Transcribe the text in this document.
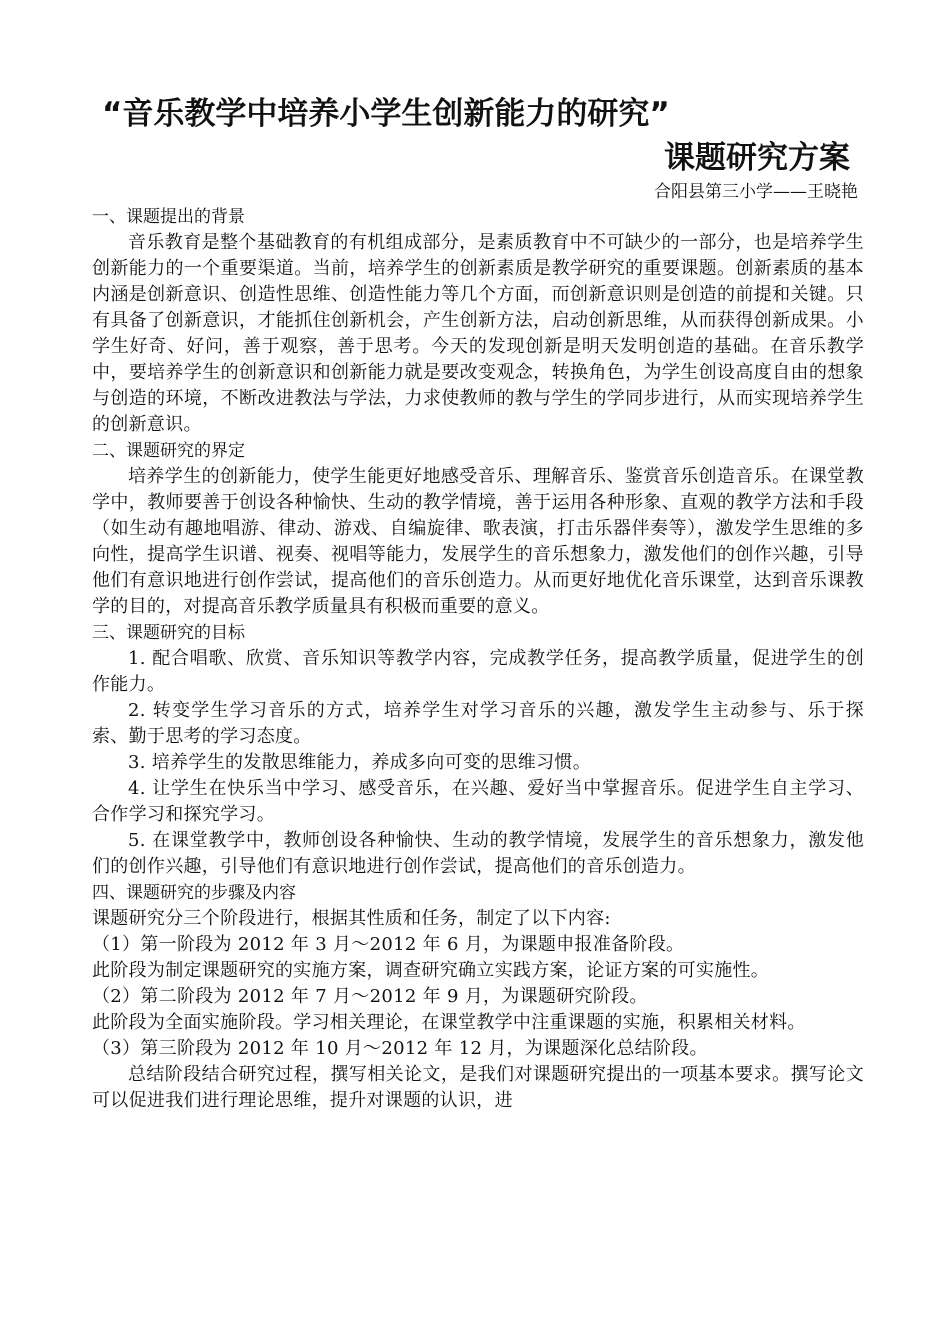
“音乐教学中培养小学生创新能力的研究”
课题研究方案

合阳县第三小学——王晓艳

一、课题提出的背景

音乐教育是整个基础教育的有机组成部分，是素质教育中不可缺少的一部分，也是培养学生创新能力的一个重要渠道。当前，培养学生的创新素质是教学研究的重要课题。创新素质的基本内涵是创新意识、创造性思维、创造性能力等几个方面，而创新意识则是创造的前提和关键。只有具备了创新意识，才能抓住创新机会，产生创新方法，启动创新思维，从而获得创新成果。小学生好奇、好问，善于观察，善于思考。今天的发现创新是明天发明创造的基础。在音乐教学中，要培养学生的创新意识和创新能力就是要改变观念，转换角色，为学生创设高度自由的想象与创造的环境，不断改进教法与学法，力求使教师的教与学生的学同步进行，从而实现培养学生的创新意识。

二、课题研究的界定

培养学生的创新能力，使学生能更好地感受音乐、理解音乐、鉴赏音乐创造音乐。在课堂教学中，教师要善于创设各种愉快、生动的教学情境，善于运用各种形象、直观的教学方法和手段（如生动有趣地唱游、律动、游戏、自编旋律、歌表演，打击乐器伴奏等），激发学生思维的多向性，提高学生识谱、视奏、视唱等能力，发展学生的音乐想象力，激发他们的创作兴趣，引导他们有意识地进行创作尝试，提高他们的音乐创造力。从而更好地优化音乐课堂，达到音乐课教学的目的，对提高音乐教学质量具有积极而重要的意义。

三、课题研究的目标

1. 配合唱歌、欣赏、音乐知识等教学内容，完成教学任务，提高教学质量，促进学生的创作能力。

2. 转变学生学习音乐的方式，培养学生对学习音乐的兴趣，激发学生主动参与、乐于探索、勤于思考的学习态度。

3. 培养学生的发散思维能力，养成多向可变的思维习惯。

4. 让学生在快乐当中学习、感受音乐，在兴趣、爱好当中掌握音乐。促进学生自主学习、合作学习和探究学习。

5. 在课堂教学中，教师创设各种愉快、生动的教学情境，发展学生的音乐想象力，激发他们的创作兴趣，引导他们有意识地进行创作尝试，提高他们的音乐创造力。

四、课题研究的步骤及内容

课题研究分三个阶段进行，根据其性质和任务，制定了以下内容:

（1）第一阶段为 2012 年 3 月～2012 年 6 月，为课题申报准备阶段。

此阶段为制定课题研究的实施方案，调查研究确立实践方案，论证方案的可实施性。

（2）第二阶段为 2012 年 7 月～2012 年 9 月，为课题研究阶段。

此阶段为全面实施阶段。学习相关理论，在课堂教学中注重课题的实施，积累相关材料。

（3）第三阶段为 2012 年 10 月～2012 年 12 月，为课题深化总结阶段。

总结阶段结合研究过程，撰写相关论文，是我们对课题研究提出的一项基本要求。撰写论文可以促进我们进行理论思维，提升对课题的认识，进
